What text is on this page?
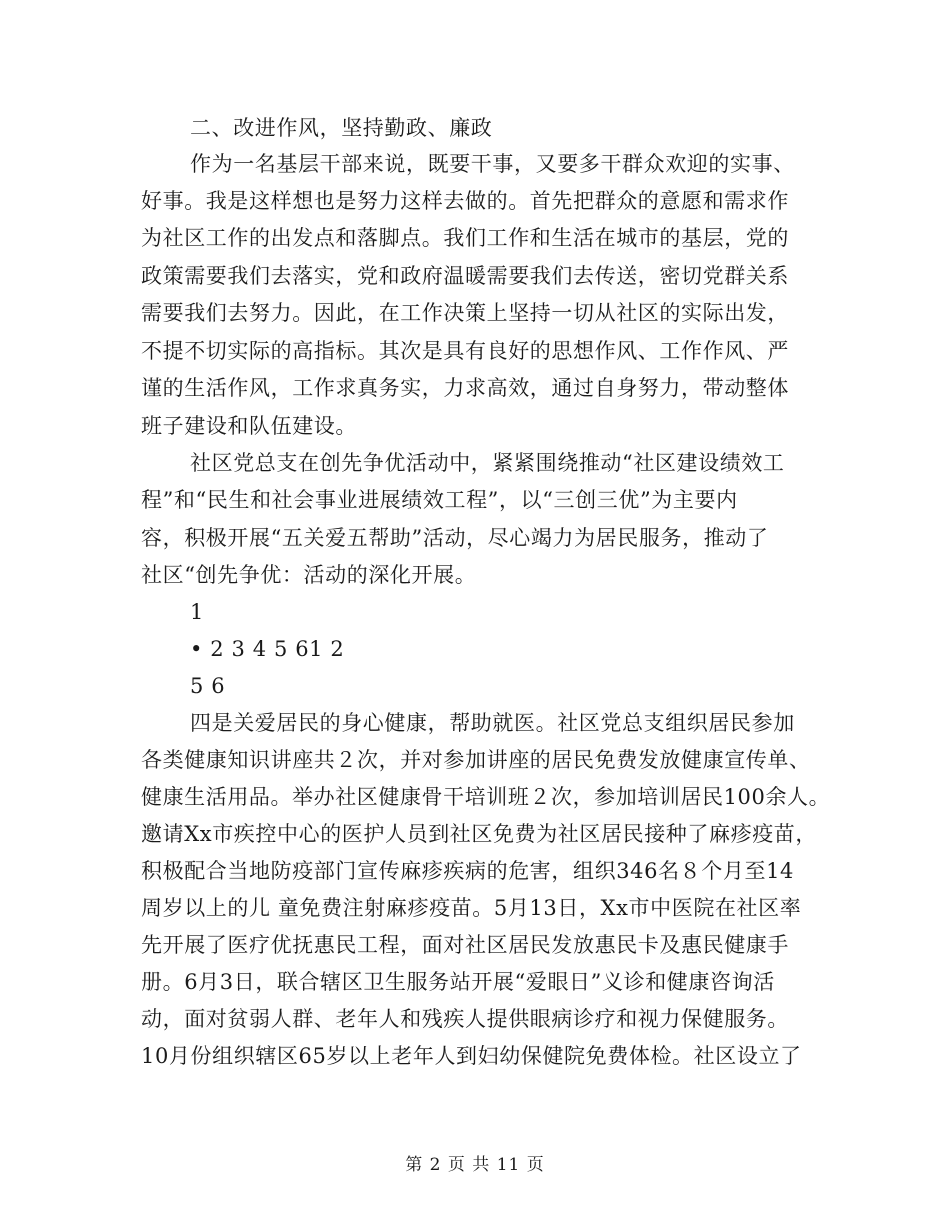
二、改进作风，坚持勤政、廉政
作为一名基层干部来说，既要干事，又要多干群众欢迎的实事、
好事。我是这样想也是努力这样去做的。首先把群众的意愿和需求作
为社区工作的出发点和落脚点。我们工作和生活在城市的基层，党的
政策需要我们去落实，党和政府温暖需要我们去传送，密切党群关系
需要我们去努力。因此，在工作决策上坚持一切从社区的实际出发，
不提不切实际的高指标。其次是具有良好的思想作风、工作作风、严
谨的生活作风，工作求真务实，力求高效，通过自身努力，带动整体
班子建设和队伍建设。
社区党总支在创先争优活动中，紧紧围绕推动“社区建设绩效工
程”和“民生和社会事业进展绩效工程”，以“三创三优”为主要内
容，积极开展“五关爱五帮助”活动，尽心竭力为居民服务，推动了
社区“创先争优：活动的深化开展。
1
• 2 3 4 5 61 2
5 6
四是关爱居民的身心健康，帮助就医。社区党总支组织居民参加
各类健康知识讲座共２次，并对参加讲座的居民免费发放健康宣传单、
健康生活用品。举办社区健康骨干培训班２次，参加培训居民100余人。
邀请Xx市疾控中心的医护人员到社区免费为社区居民接种了麻疹疫苗，
积极配合当地防疫部门宣传麻疹疾病的危害，组织346名８个月至14
周岁以上的儿 童免费注射麻疹疫苗。5月13日，Xx市中医院在社区率
先开展了医疗优抚惠民工程，面对社区居民发放惠民卡及惠民健康手
册。6月3日，联合辖区卫生服务站开展“爱眼日”义诊和健康咨询活
动，面对贫弱人群、老年人和残疾人提供眼病诊疗和视力保健服务。
10月份组织辖区65岁以上老年人到妇幼保健院免费体检。社区设立了
第 2 页 共 11 页
